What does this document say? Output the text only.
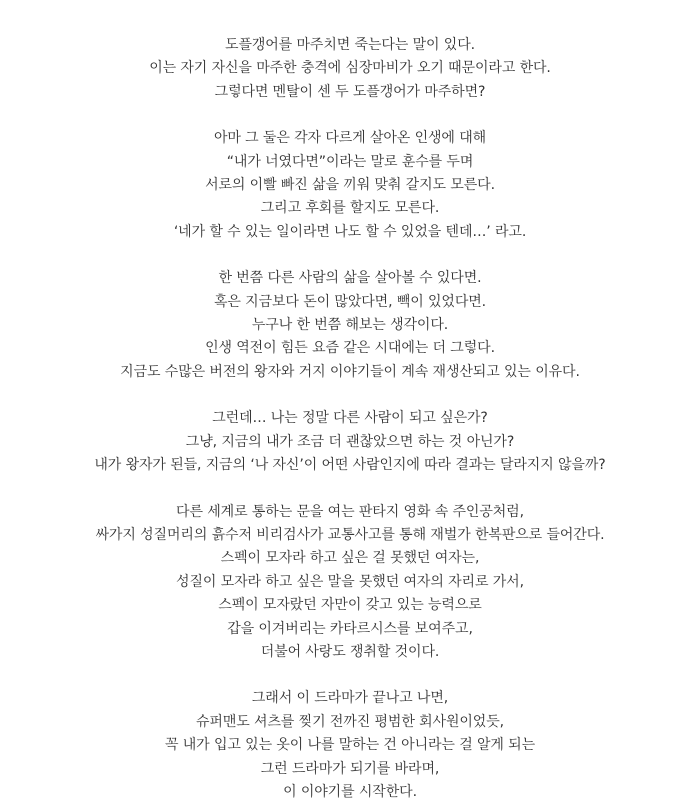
도플갱어를 마주치면 죽는다는 말이 있다.
이는 자기 자신을 마주한 충격에 심장마비가 오기 때문이라고 한다.
그렇다면 멘탈이 센 두 도플갱어가 마주하면?

아마 그 둘은 각자 다르게 살아온 인생에 대해
“내가 너였다면”이라는 말로 훈수를 두며
서로의 이빨 빠진 삶을 끼워 맞춰 갈지도 모른다.
그리고 후회를 할지도 모른다.
‘네가 할 수 있는 일이라면 나도 할 수 있었을 텐데…’ 라고.

한 번쯤 다른 사람의 삶을 살아볼 수 있다면.
혹은 지금보다 돈이 많았다면, 빽이 있었다면.
누구나 한 번쯤 해보는 생각이다.
인생 역전이 힘든 요즘 같은 시대에는 더 그렇다.
지금도 수많은 버전의 왕자와 거지 이야기들이 계속 재생산되고 있는 이유다.

그런데… 나는 정말 다른 사람이 되고 싶은가?
그냥, 지금의 내가 조금 더 괜찮았으면 하는 것 아닌가?
내가 왕자가 된들, 지금의 ‘나 자신’이 어떤 사람인지에 따라 결과는 달라지지 않을까?

다른 세계로 통하는 문을 여는 판타지 영화 속 주인공처럼,
싸가지 성질머리의 흙수저 비리검사가 교통사고를 통해 재벌가 한복판으로 들어간다.
스펙이 모자라 하고 싶은 걸 못했던 여자는,
성질이 모자라 하고 싶은 말을 못했던 여자의 자리로 가서,
스펙이 모자랐던 자만이 갖고 있는 능력으로
갑을 이겨버리는 카타르시스를 보여주고,
더불어 사랑도 쟁취할 것이다.

그래서 이 드라마가 끝나고 나면,
슈퍼맨도 셔츠를 찢기 전까진 평범한 회사원이었듯,
꼭 내가 입고 있는 옷이 나를 말하는 건 아니라는 걸 알게 되는
그런 드라마가 되기를 바라며,
이 이야기를 시작한다.
